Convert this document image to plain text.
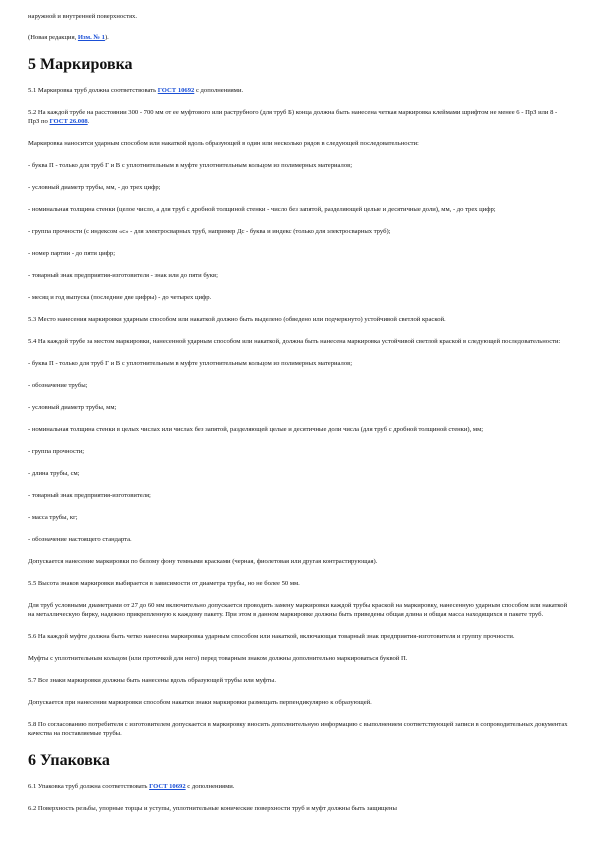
наружной и внутренней поверхностях.

(Новая редакция, Изм. № 1).

5 Маркировка

5.1 Маркировка труб должна соответствовать ГОСТ 10692 с дополнениями.

5.2 На каждой трубе на расстоянии 300 - 700 мм от ее муфтового или раструбного (для труб Б) конца должна быть нанесена четкая маркировка клеймами шрифтом не менее 6 - ПрЗ или 8 - ПрЗ по ГОСТ 26.008.

Маркировка наносится ударным способом или накаткой вдоль образующей в один или несколько рядов в следующей последовательности:

- буква П - только для труб Г и В с уплотнительным в муфте уплотнительным кольцом из полимерных материалов;

- условный диаметр трубы, мм, - до трех цифр;

- номинальная толщина стенки (целое число, а для труб с дробной толщиной стенки - число без запятой, разделяющей целые и десятичные доли), мм, - до трех цифр;

- группа прочности (с индексом «с» - для электросварных труб, например Дс - буква и индекс (только для электросварных труб);

- номер партии - до пяти цифр;

- товарный знак предприятия-изготовителя - знак или до пяти букв;

- месяц и год выпуска (последние две цифры) - до четырех цифр.

5.3 Место нанесения маркировки ударным способом или накаткой должно быть выделено (обведено или подчеркнуто) устойчивой светлой краской.

5.4 На каждой трубе за местом маркировки, нанесенной ударным способом или накаткой, должна быть нанесена маркировка устойчивой светлой краской в следующей последовательности:

- буква П - только для труб Г и В с уплотнительным в муфте уплотнительным кольцом из полимерных материалов;

- обозначение трубы;

- условный диаметр трубы, мм;

- номинальная толщина стенки в целых числах или числах без запятой, разделяющей целые и десятичные доли числа (для труб с дробной толщиной стенки), мм;

- группа прочности;

- длина трубы, см;

- товарный знак предприятия-изготовителя;

- масса трубы, кг;

- обозначение настоящего стандарта.

Допускается нанесение маркировки по белому фону темными красками (черная, фиолетовая или другая контрастирующая).

5.5 Высота знаков маркировки выбирается в зависимости от диаметра трубы, но не более 50 мм.

Для труб условными диаметрами от 27 до 60 мм включительно допускается проводить замену маркировки каждой трубы краской на маркировку, нанесенную ударным способом или накаткой на металлическую бирку, надежно прикрепленную к каждому пакету. При этом в данном маркировке должны быть приведены общая длина и общая масса находящихся в пакете труб.

5.6 На каждой муфте должна быть четко нанесена маркировка ударным способом или накаткой, включающая товарный знак предприятия-изготовителя и группу прочности.

Муфты с уплотнительным кольцом (или проточкой для него) перед товарным знаком должны дополнительно маркироваться буквой П.

5.7 Все знаки маркировки должны быть нанесены вдоль образующей трубы или муфты.

Допускается при нанесении маркировки способом накатки знаки маркировки размещать перпендикулярно к образующей.

5.8 По согласованию потребителя с изготовителем допускается в маркировку вносить дополнительную информацию с выполнением соответствующей записи в сопроводительных документах качества на поставляемые трубы.

6 Упаковка

6.1 Упаковка труб должна соответствовать ГОСТ 10692 с дополнениями.

6.2 Поверхность резьбы, упорные торцы и уступы, уплотнительные конические поверхности труб и муфт должны быть защищены
